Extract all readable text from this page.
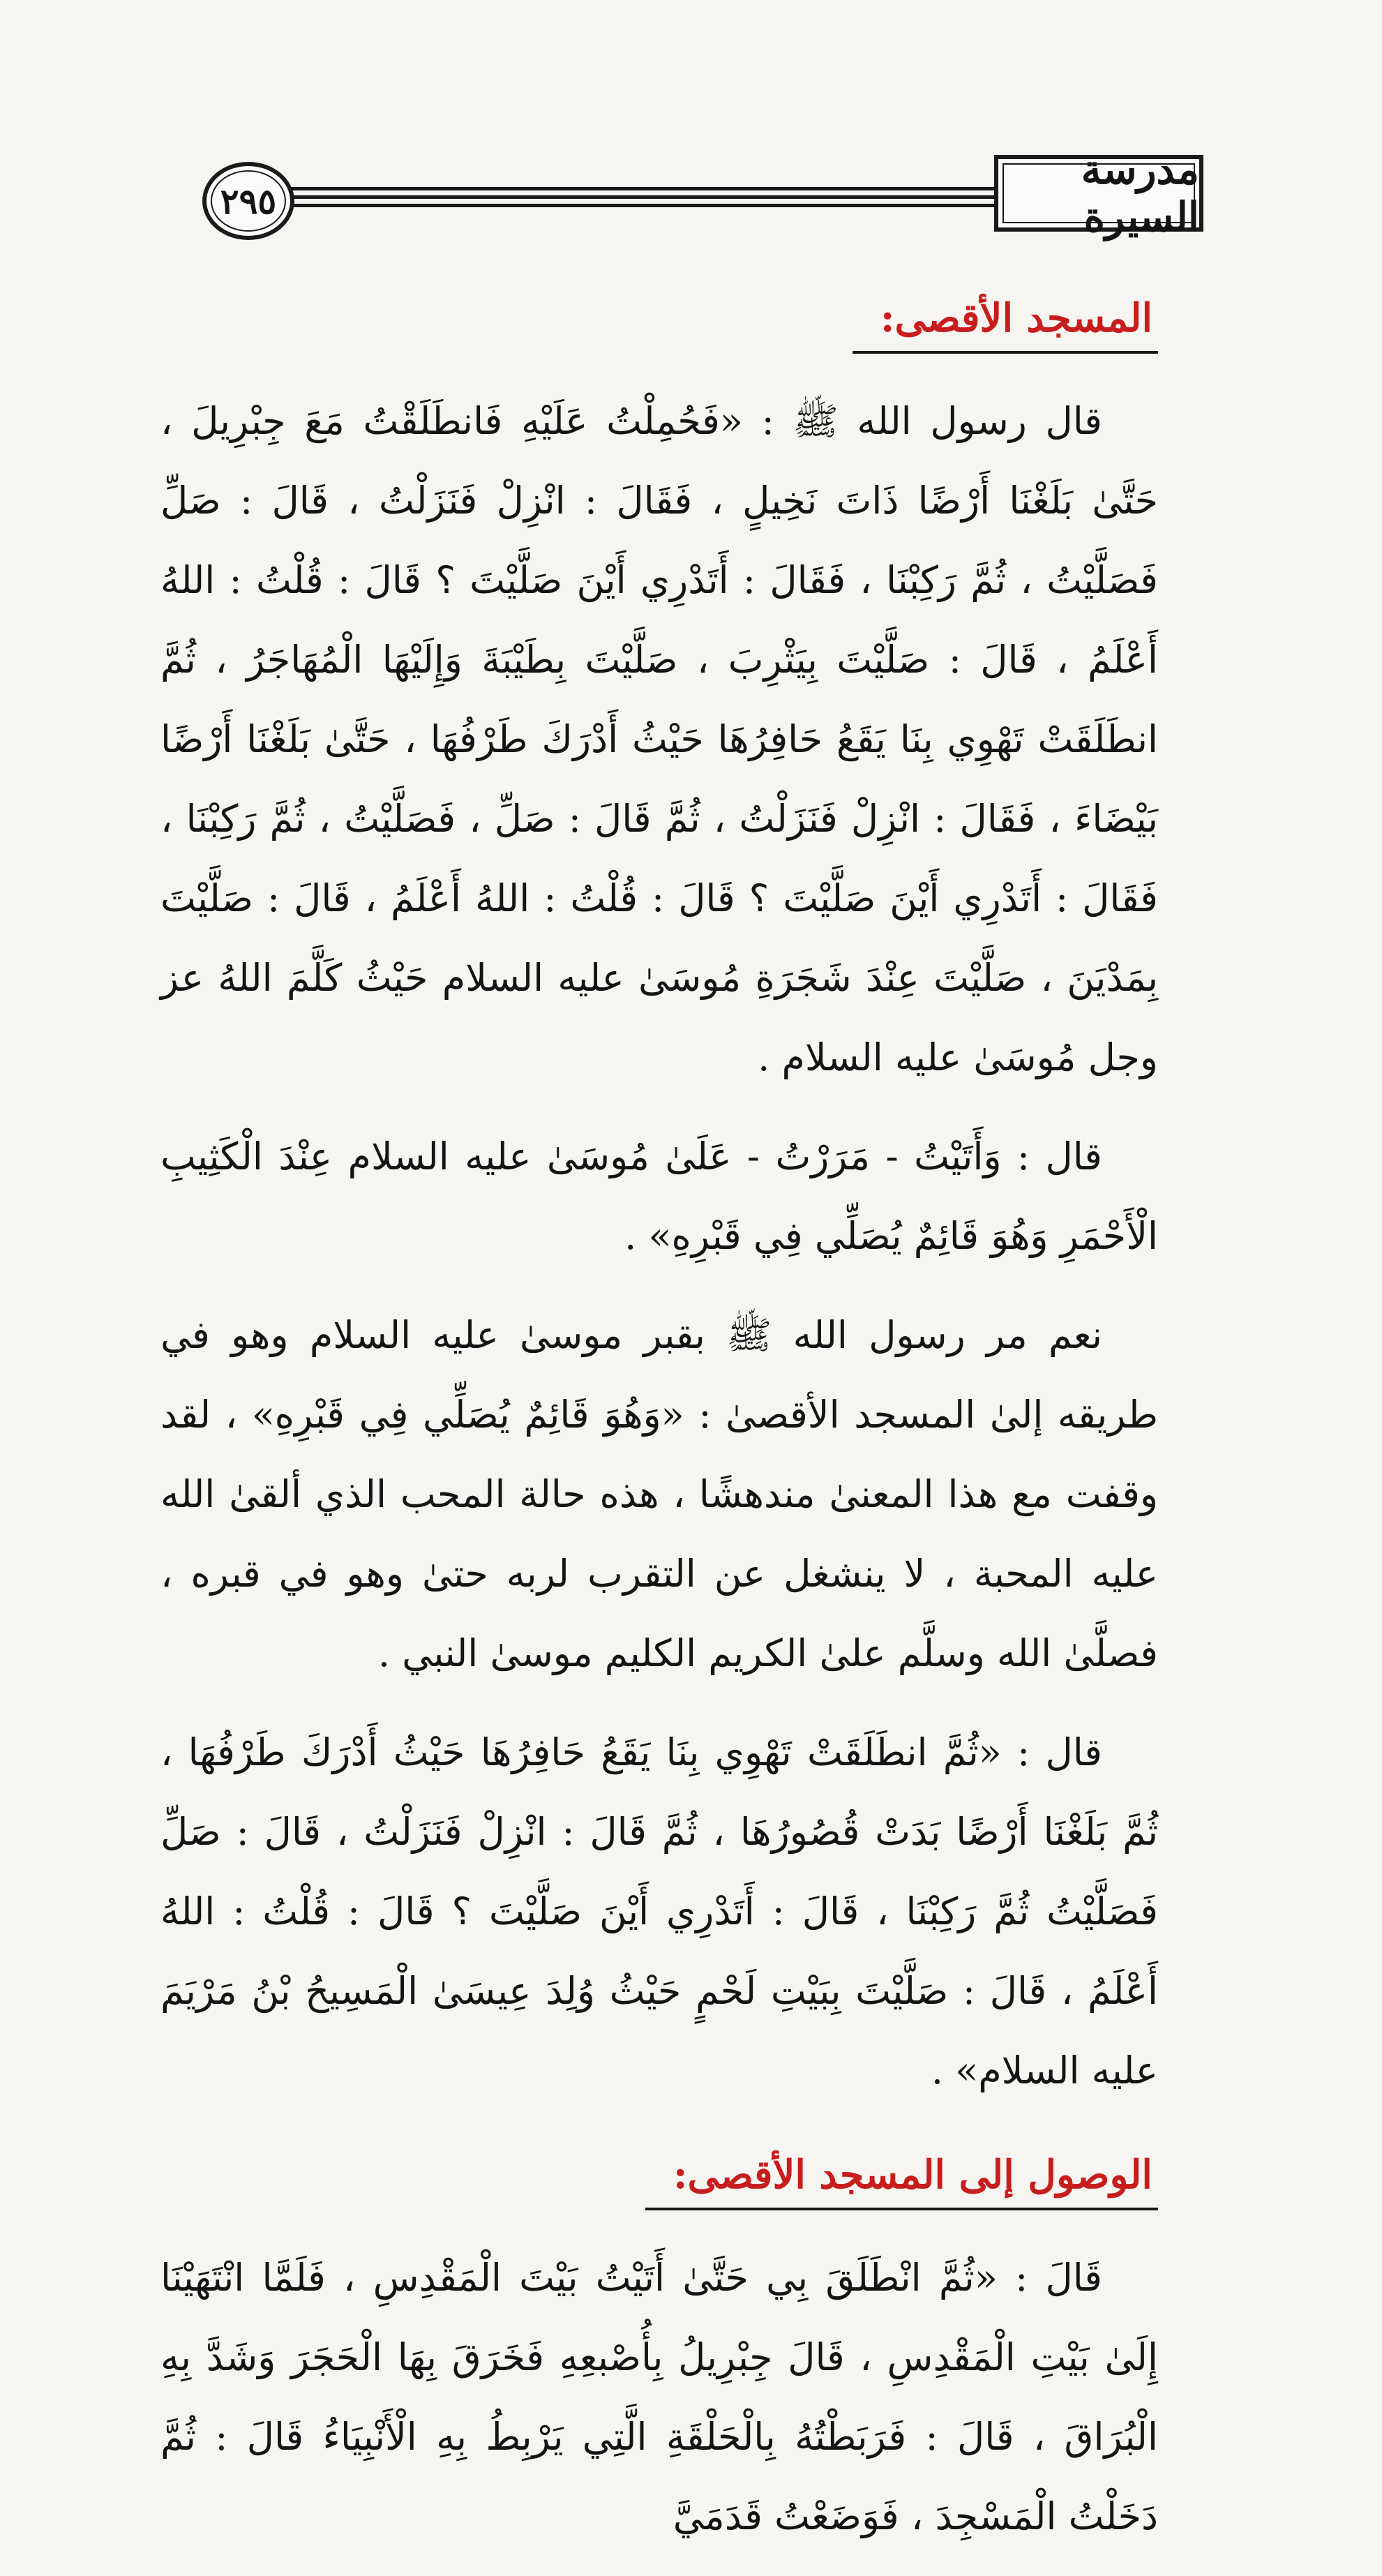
٢٩٥
مدرسة السيرة
المسجد الأقصى:

قال رسول الله ﷺ : «فَحُمِلْتُ عَلَيْهِ فَانطَلَقْتُ مَعَ جِبْرِيلَ ، حَتَّىٰ بَلَغْنَا أَرْضًا ذَاتَ نَخِيلٍ ، فَقَالَ : انْزِلْ فَنَزَلْتُ ، قَالَ : صَلِّ فَصَلَّيْتُ ، ثُمَّ رَكِبْنَا ، فَقَالَ : أَتَدْرِي أَيْنَ صَلَّيْتَ ؟ قَالَ : قُلْتُ : اللهُ أَعْلَمُ ، قَالَ : صَلَّيْتَ بِيَثْرِبَ ، صَلَّيْتَ بِطَيْبَةَ وَإِلَيْهَا الْمُهَاجَرُ ، ثُمَّ انطَلَقَتْ تَهْوِي بِنَا يَقَعُ حَافِرُهَا حَيْثُ أَدْرَكَ طَرْفُهَا ، حَتَّىٰ بَلَغْنَا أَرْضًا بَيْضَاءَ ، فَقَالَ : انْزِلْ فَنَزَلْتُ ، ثُمَّ قَالَ : صَلِّ ، فَصَلَّيْتُ ، ثُمَّ رَكِبْنَا ، فَقَالَ : أَتَدْرِي أَيْنَ صَلَّيْتَ ؟ قَالَ : قُلْتُ : اللهُ أَعْلَمُ ، قَالَ : صَلَّيْتَ بِمَدْيَنَ ، صَلَّيْتَ عِنْدَ شَجَرَةِ مُوسَىٰ عليه السلام حَيْثُ كَلَّمَ اللهُ عز وجل مُوسَىٰ عليه السلام .

قال : وَأَتَيْتُ - مَرَرْتُ - عَلَىٰ مُوسَىٰ عليه السلام عِنْدَ الْكَثِيبِ الْأَحْمَرِ وَهُوَ قَائِمٌ يُصَلِّي فِي قَبْرِهِ» .

نعم مر رسول الله ﷺ بقبر موسىٰ عليه السلام وهو في طريقه إلىٰ المسجد الأقصىٰ : «وَهُوَ قَائِمٌ يُصَلِّي فِي قَبْرِهِ» ، لقد وقفت مع هذا المعنىٰ مندهشًا ، هذه حالة المحب الذي ألقىٰ الله عليه المحبة ، لا ينشغل عن التقرب لربه حتىٰ وهو في قبره ، فصلَّىٰ الله وسلَّم علىٰ الكريم الكليم موسىٰ النبي .

قال : «ثُمَّ انطَلَقَتْ تَهْوِي بِنَا يَقَعُ حَافِرُهَا حَيْثُ أَدْرَكَ طَرْفُهَا ، ثُمَّ بَلَغْنَا أَرْضًا بَدَتْ قُصُورُهَا ، ثُمَّ قَالَ : انْزِلْ فَنَزَلْتُ ، قَالَ : صَلِّ فَصَلَّيْتُ ثُمَّ رَكِبْنَا ، قَالَ : أَتَدْرِي أَيْنَ صَلَّيْتَ ؟ قَالَ : قُلْتُ : اللهُ أَعْلَمُ ، قَالَ : صَلَّيْتَ بِبَيْتِ لَحْمٍ حَيْثُ وُلِدَ عِيسَىٰ الْمَسِيحُ بْنُ مَرْيَمَ عليه السلام» .

الوصول إلى المسجد الأقصى:

قَالَ : «ثُمَّ انْطَلَقَ بِي حَتَّىٰ أَتَيْتُ بَيْتَ الْمَقْدِسِ ، فَلَمَّا انْتَهَيْنَا إِلَىٰ بَيْتِ الْمَقْدِسِ ، قَالَ جِبْرِيلُ بِأُصْبعِهِ فَخَرَقَ بِهَا الْحَجَرَ وَشَدَّ بِهِ الْبُرَاقَ ، قَالَ : فَرَبَطْتُهُ بِالْحَلْقَةِ الَّتِي يَرْبِطُ بِهِ الْأَنْبِيَاءُ قَالَ : ثُمَّ دَخَلْتُ الْمَسْجِدَ ، فَوَضَعْتُ قَدَمَيَّ
